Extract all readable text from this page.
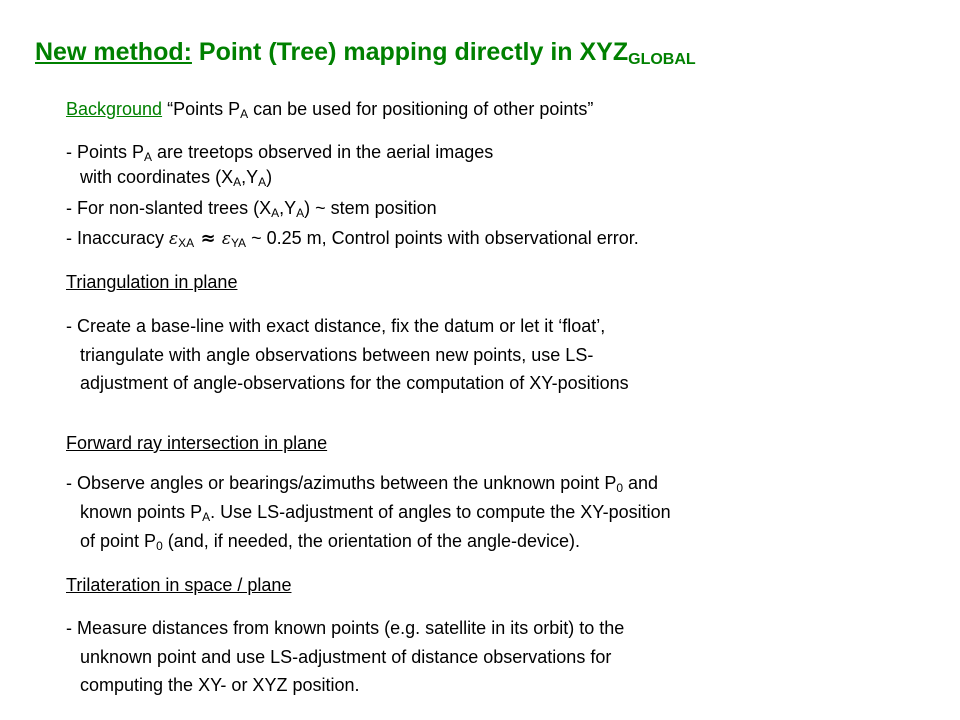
New method: Point (Tree) mapping directly in $XYZ_{GLOBAL}$
Background “Points $P_A$ can be used for positioning of other points”
- Points $P_A$ are treetops observed in the aerial images
with coordinates $(X_A,Y_A)$
- For non-slanted trees $(X_A,Y_A)$ ~ stem position
- Inaccuracy $\varepsilon_{XA} \approx \varepsilon_{YA}$ ~ 0.25 m, Control points with observational error.
Triangulation in plane
- Create a base-line with exact distance, fix the datum or let it ‘float’,
triangulate with angle observations between new points, use LS-
adjustment of angle-observations for the computation of XY-positions
Forward ray intersection in plane
- Observe angles or bearings/azimuths between the unknown point $P_0$ and
known points $P_A$. Use LS-adjustment of angles to compute the XY-position
of point $P_0$ (and, if needed, the orientation of the angle-device).
Trilateration in space / plane
- Measure distances from known points (e.g. satellite in its orbit) to the
unknown point and use LS-adjustment of distance observations for
computing the XY- or XYZ position.
